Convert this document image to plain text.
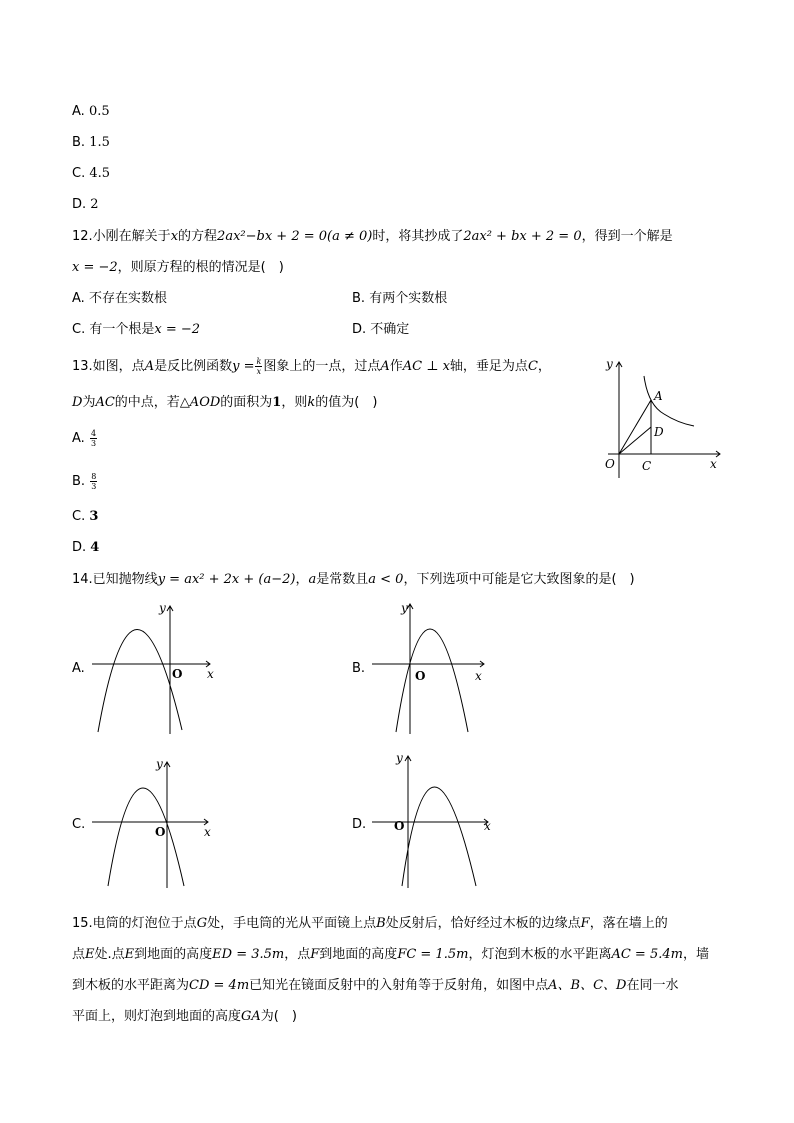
A. 0.5
B. 1.5
C. 4.5
D. 2
12.小刚在解关于x的方程2ax²−bx + 2 = 0(a ≠ 0)时，将其抄成了2ax² + bx + 2 = 0，得到一个解是
x = −2，则原方程的根的情况是(　)
A. 不存在实数根	B. 有两个实数根
C. 有一个根是x = −2	D. 不确定
13.如图，点A是反比例函数$y = \frac{k}{x}$ 图象上的一点，过点A作AC ⊥ x轴，垂足为点C，
D为AC的中点，若△AOD的面积为1，则k的值为(　)
A. $\frac{4}{3}$
B. $\frac{8}{3}$
C. 3
D. 4
y
x
O
A
D
C
14.已知抛物线y = ax² + 2x + (a−2)，a是常数且a < 0，下列选项中可能是它大致图象的是(　)
A.
y
x
O	B.
y
x
O
C.
y
x
O	D.
y
x
O
15.电筒的灯泡位于点G处，手电筒的光从平面镜上点B处反射后，恰好经过木板的边缘点F，落在墙上的
点E处.点E到地面的高度ED = 3.5m，点F到地面的高度FC = 1.5m，灯泡到木板的水平距离AC = 5.4m，墙
到木板的水平距离为CD = 4m已知光在镜面反射中的入射角等于反射角，如图中点A、B、C、D在同一水
平面上，则灯泡到地面的高度GA为(　)
